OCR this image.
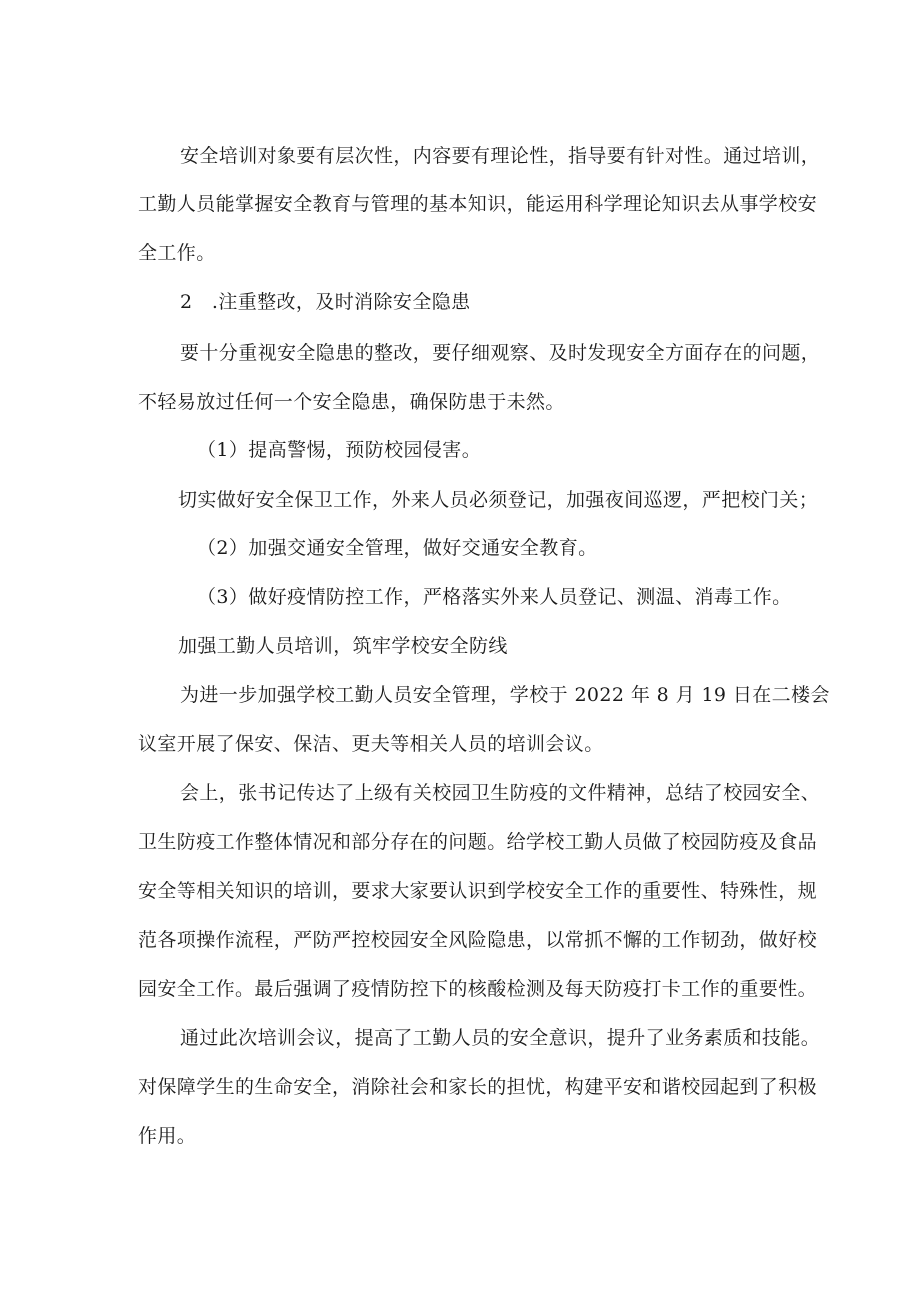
安全培训对象要有层次性，内容要有理论性，指导要有针对性。通过培训，
工勤人员能掌握安全教育与管理的基本知识，能运用科学理论知识去从事学校安
全工作。
2　.注重整改，及时消除安全隐患
要十分重视安全隐患的整改，要仔细观察、及时发现安全方面存在的问题，
不轻易放过任何一个安全隐患，确保防患于未然。
（1）提高警惕，预防校园侵害。
切实做好安全保卫工作，外来人员必须登记，加强夜间巡逻，严把校门关；
（2）加强交通安全管理，做好交通安全教育。
（3）做好疫情防控工作，严格落实外来人员登记、测温、消毒工作。
加强工勤人员培训，筑牢学校安全防线
为进一步加强学校工勤人员安全管理，学校于 2022 年 8 月 19 日在二楼会
议室开展了保安、保洁、更夫等相关人员的培训会议。
会上，张书记传达了上级有关校园卫生防疫的文件精神，总结了校园安全、
卫生防疫工作整体情况和部分存在的问题。给学校工勤人员做了校园防疫及食品
安全等相关知识的培训，要求大家要认识到学校安全工作的重要性、特殊性，规
范各项操作流程，严防严控校园安全风险隐患，以常抓不懈的工作韧劲，做好校
园安全工作。最后强调了疫情防控下的核酸检测及每天防疫打卡工作的重要性。
通过此次培训会议，提高了工勤人员的安全意识，提升了业务素质和技能。
对保障学生的生命安全，消除社会和家长的担忧，构建平安和谐校园起到了积极
作用。
